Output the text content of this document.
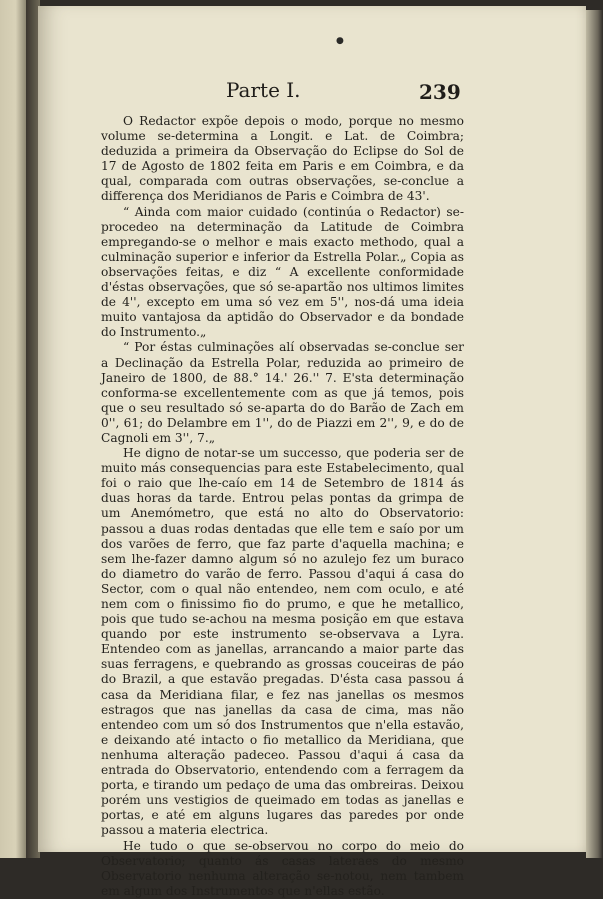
●
Parte I.	239

O Redactor expõe depois o modo, porque no mesmo volume se-determina a Longit. e Lat. de Coimbra; deduzida a primeira da Observação do Eclipse do Sol de 17 de Agosto de 1802 feita em Paris e em Coimbra, e da qual, comparada com outras observações, se-conclue a differença dos Meridianos de Paris e Coimbra de 43'.

“ Ainda com maior cuidado (continúa o Redactor) se-procedeo na determinação da Latitude de Coimbra empregando-se o melhor e mais exacto methodo, qual a culminação superior e inferior da Estrella Polar.„ Copia as observações feitas, e diz “ A excellente conformidade d'éstas observações, que só se-apartão nos ultimos limites de 4'', excepto em uma só vez em 5'', nos-dá uma ideia muito vantajosa da aptidão do Observador e da bondade do Instrumento.„

“ Por éstas culminações alí observadas se-conclue ser a Declinação da Estrella Polar, reduzida ao primeiro de Janeiro de 1800, de 88.° 14.' 26.'' 7. E'sta determinação conforma-se excellentemente com as que já temos, pois que o seu resultado só se-aparta do do Barão de Zach em 0'', 61; do Delambre em 1'', do de Piazzi em 2'', 9, e do de Cagnoli em 3'', 7.„

He digno de notar-se um successo, que poderia ser de muito más consequencias para este Estabelecimento, qual foi o raio que lhe-caío em 14 de Setembro de 1814 ás duas horas da tarde. Entrou pelas pontas da grimpa de um Anemómetro, que está no alto do Observatorio: passou a duas rodas dentadas que elle tem e saío por um dos varões de ferro, que faz parte d'aquella machina; e sem lhe-fazer damno algum só no azulejo fez um buraco do diametro do varão de ferro. Passou d'aqui á casa do Sector, com o qual não entendeo, nem com oculo, e até nem com o finissimo fio do prumo, e que he metallico, pois que tudo se-achou na mesma posição em que estava quando por este instrumento se-observava a Lyra. Entendeo com as janellas, arrancando a maior parte das suas ferragens, e quebrando as grossas couceiras de páo do Brazil, a que estavão pregadas. D'ésta casa passou á casa da Meridiana filar, e fez nas janellas os mesmos estragos que nas janellas da casa de cima, mas não entendeo com um só dos Instrumentos que n'ella estavão, e deixando até intacto o fio metallico da Meridiana, que nenhuma alteração padeceo. Passou d'aqui á casa da entrada do Observatorio, entendendo com a ferragem da porta, e tirando um pedaço de uma das ombreiras. Deixou porém uns vestigios de queimado em todas as janellas e portas, e até em alguns lugares das paredes por onde passou a materia electrica.

He tudo o que se-observou no corpo do meio do Observatorio; quanto ás casas lateraes do mesmo Observatorio nenhuma alteração se-notou, nem tambem em algum dos Instrumentos que n'ellas estão.
